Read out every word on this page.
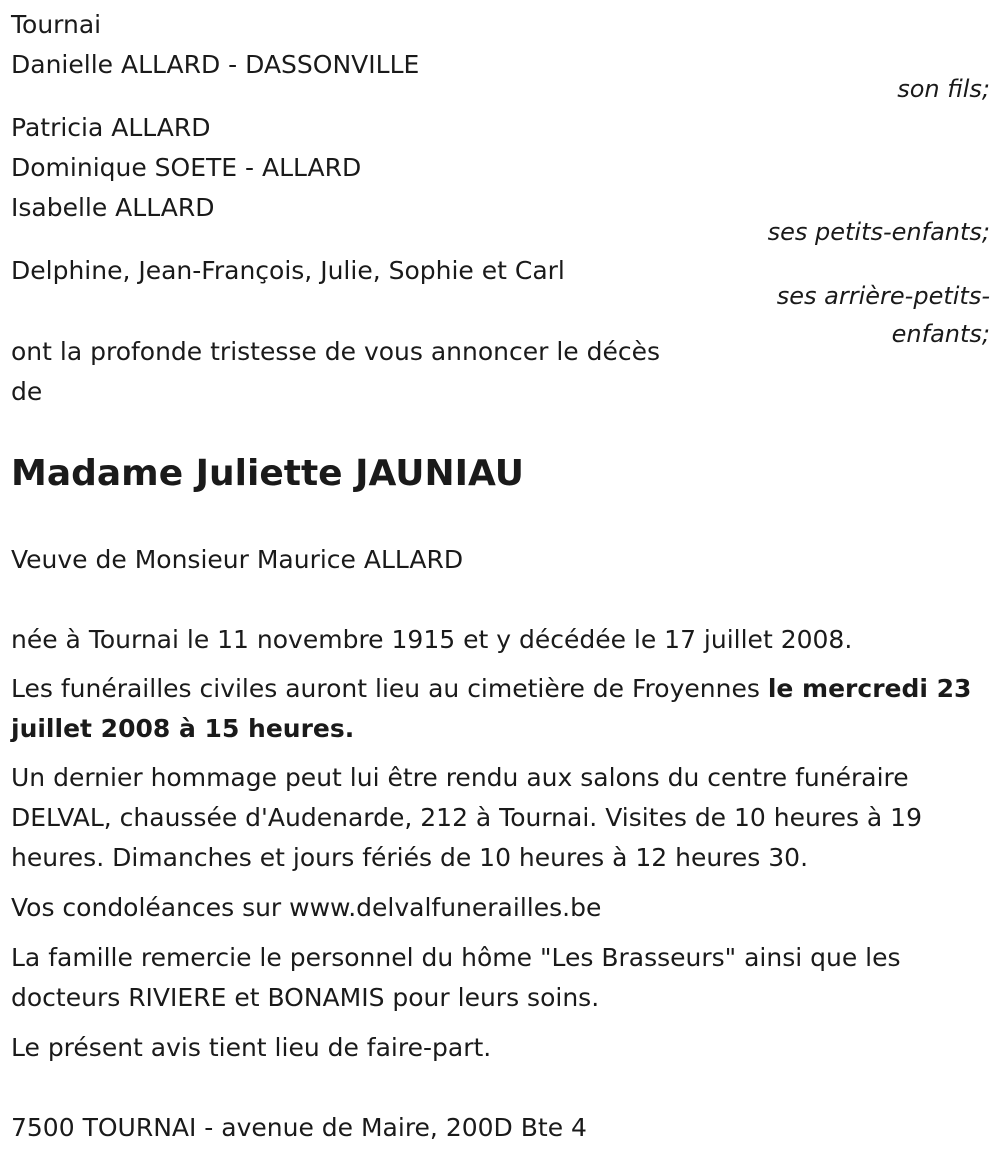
Tournai
Danielle ALLARD - DASSONVILLE
son fils;
Patricia ALLARD
Dominique SOETE - ALLARD
Isabelle ALLARD
ses petits-enfants;
Delphine, Jean-François, Julie, Sophie et Carl
ses arrière-petits-
enfants;
ont la profonde tristesse de vous annoncer le décès
de
Madame Juliette JAUNIAU
Veuve de Monsieur Maurice ALLARD
née à Tournai le 11 novembre 1915 et y décédée le 17 juillet 2008.
Les funérailles civiles auront lieu au cimetière de Froyennes le mercredi 23 juillet 2008 à 15 heures.
Un dernier hommage peut lui être rendu aux salons du centre funéraire DELVAL, chaussée d'Audenarde, 212 à Tournai. Visites de 10 heures à 19 heures. Dimanches et jours fériés de 10 heures à 12 heures 30.
Vos condoléances sur www.delvalfunerailles.be
La famille remercie le personnel du hôme "Les Brasseurs" ainsi que les docteurs RIVIERE et BONAMIS pour leurs soins.
Le présent avis tient lieu de faire-part.
7500 TOURNAI - avenue de Maire, 200D Bte 4
